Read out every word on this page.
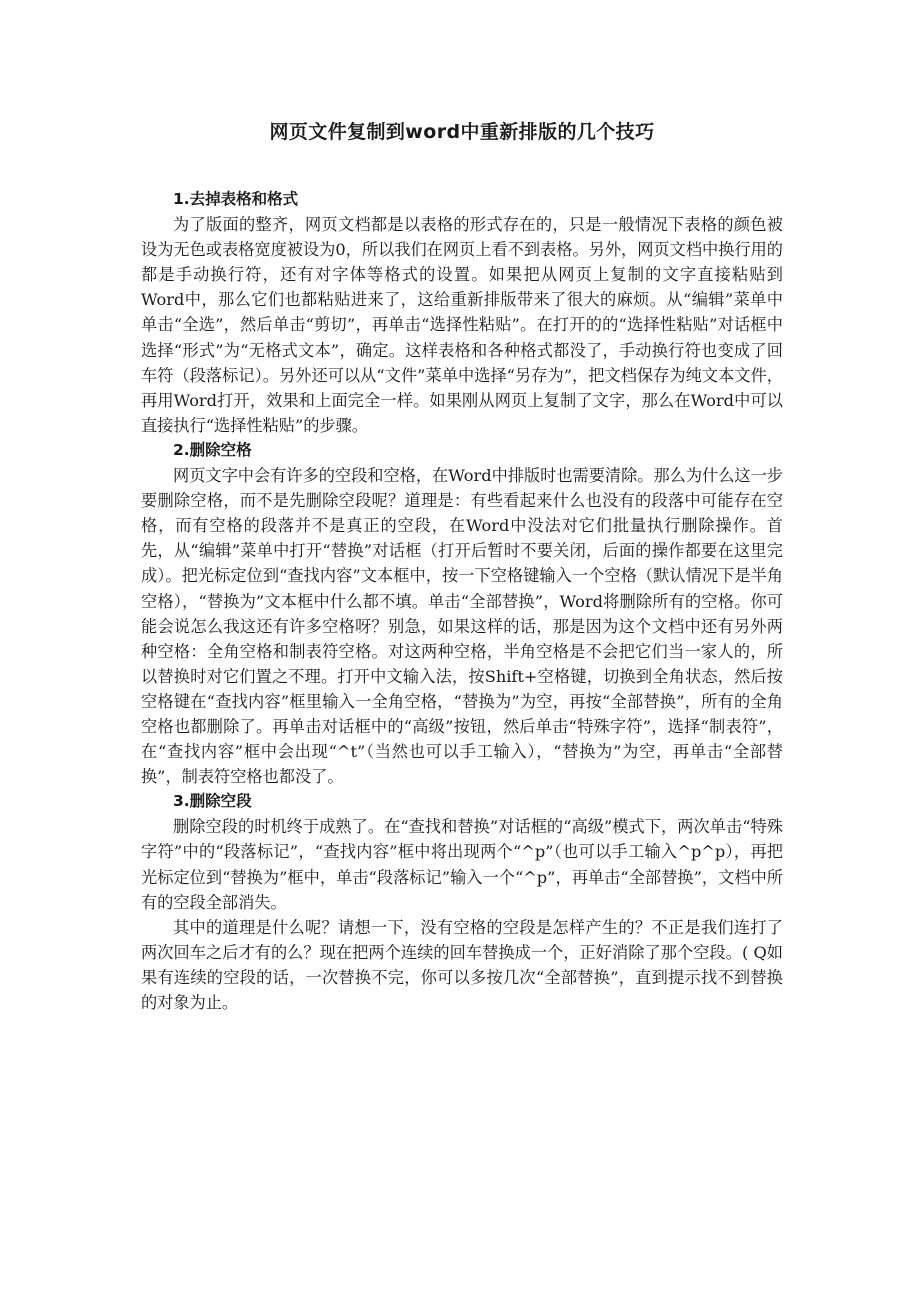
网页文件复制到word中重新排版的几个技巧

1.去掉表格和格式

为了版面的整齐，网页文档都是以表格的形式存在的，只是一般情况下表格的颜色被设为无色或表格宽度被设为0，所以我们在网页上看不到表格。另外，网页文档中换行用的都是手动换行符，还有对字体等格式的设置。如果把从网页上复制的文字直接粘贴到Word中，那么它们也都粘贴进来了，这给重新排版带来了很大的麻烦。从“编辑”菜单中单击“全选”，然后单击“剪切”，再单击“选择性粘贴”。在打开的的“选择性粘贴”对话框中选择“形式”为“无格式文本”，确定。这样表格和各种格式都没了，手动换行符也变成了回车符（段落标记）。另外还可以从“文件”菜单中选择“另存为”，把文档保存为纯文本文件，再用Word打开，效果和上面完全一样。如果刚从网页上复制了文字，那么在Word中可以直接执行“选择性粘贴”的步骤。

2.删除空格

网页文字中会有许多的空段和空格，在Word中排版时也需要清除。那么为什么这一步要删除空格，而不是先删除空段呢？道理是：有些看起来什么也没有的段落中可能存在空格，而有空格的段落并不是真正的空段，在Word中没法对它们批量执行删除操作。首先，从“编辑”菜单中打开“替换”对话框（打开后暂时不要关闭，后面的操作都要在这里完成）。把光标定位到“查找内容”文本框中，按一下空格键输入一个空格（默认情况下是半角空格），“替换为”文本框中什么都不填。单击“全部替换”，Word将删除所有的空格。你可能会说怎么我这还有许多空格呀？别急，如果这样的话，那是因为这个文档中还有另外两种空格：全角空格和制表符空格。对这两种空格，半角空格是不会把它们当一家人的，所以替换时对它们置之不理。打开中文输入法，按Shift+空格键，切换到全角状态，然后按空格键在“查找内容”框里输入一全角空格，“替换为”为空，再按“全部替换”，所有的全角空格也都删除了。再单击对话框中的“高级”按钮，然后单击“特殊字符”，选择“制表符”，在“查找内容”框中会出现“^t”（当然也可以手工输入），“替换为”为空，再单击“全部替换”，制表符空格也都没了。

3.删除空段

删除空段的时机终于成熟了。在“查找和替换”对话框的“高级”模式下，两次单击“特殊字符”中的“段落标记”，“查找内容”框中将出现两个“^p”（也可以手工输入^p^p），再把光标定位到“替换为”框中，单击“段落标记”输入一个“^p”，再单击“全部替换”，文档中所有的空段全部消失。

其中的道理是什么呢？请想一下，没有空格的空段是怎样产生的？不正是我们连打了两次回车之后才有的么？现在把两个连续的回车替换成一个，正好消除了那个空段。( Q如果有连续的空段的话，一次替换不完，你可以多按几次“全部替换”，直到提示找不到替换的对象为止。
